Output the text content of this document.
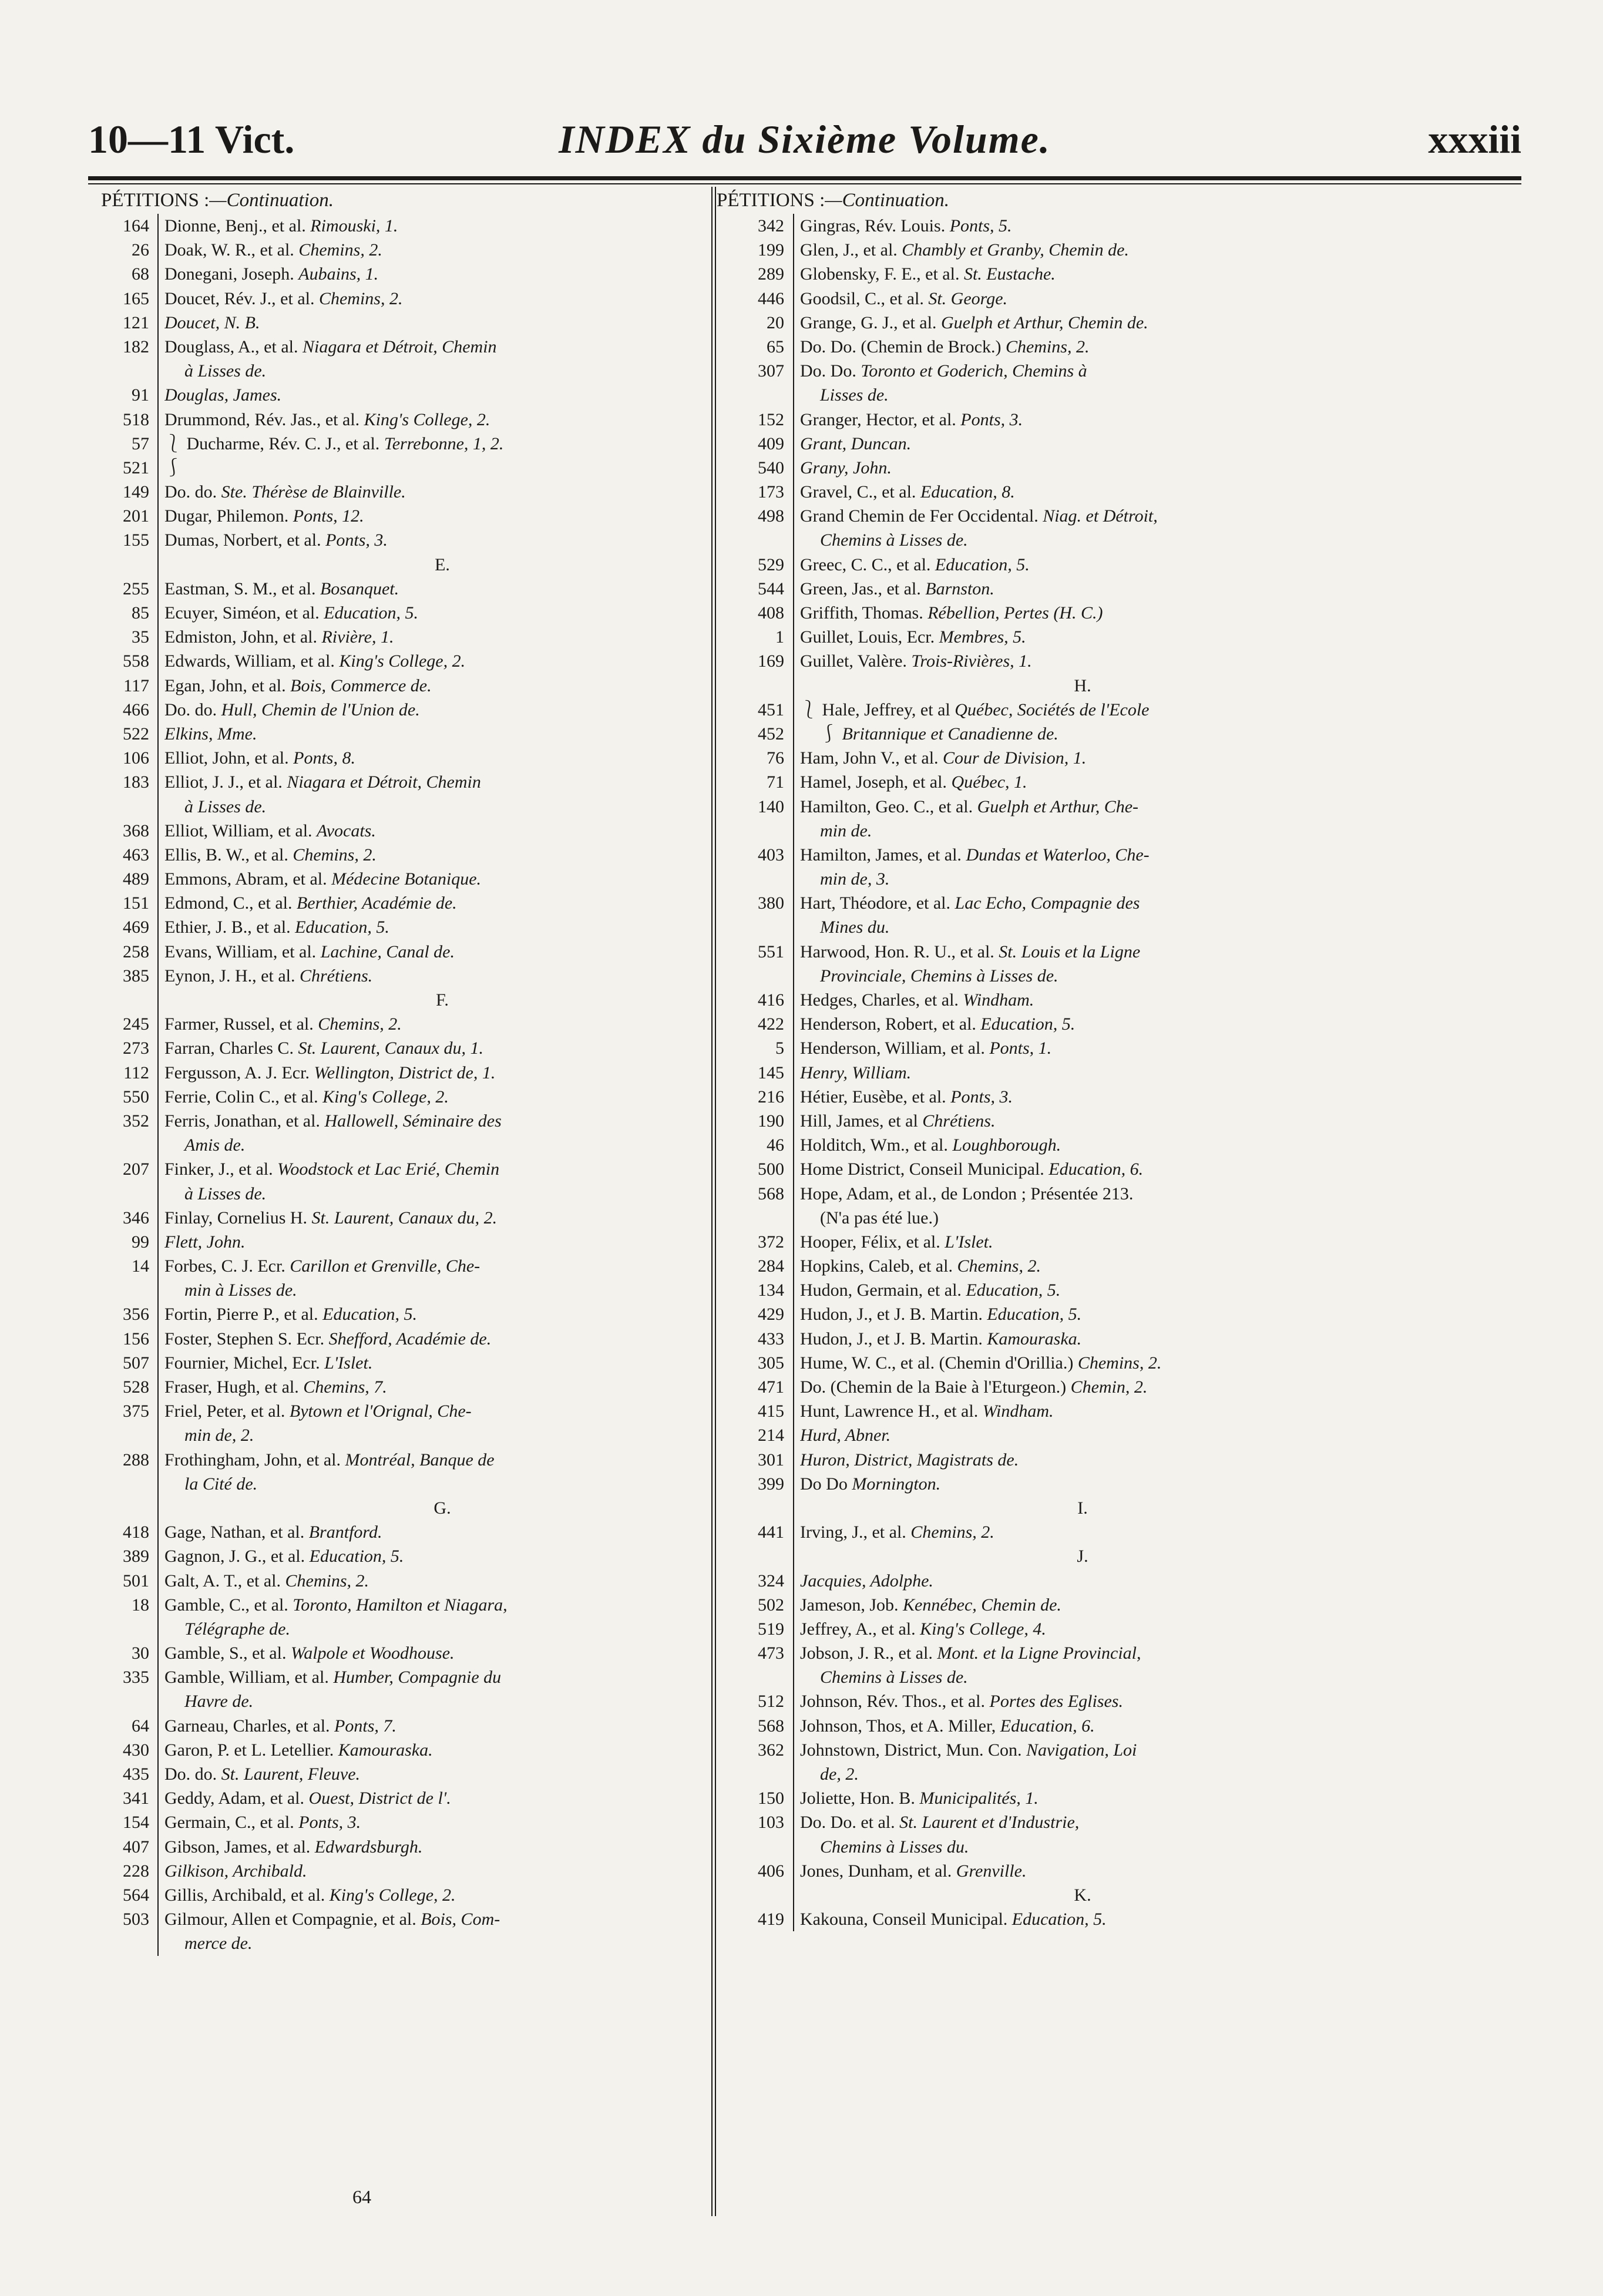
10—11 Vict.	INDEX du Sixième Volume.	xxxiii
PÉTITIONS :—Continuation.
164 Dionne, Benj., et al. Rimouski, 1.
26 Doak, W. R., et al. Chemins, 2.
68 Donegani, Joseph. Aubains, 1.
165 Doucet, Rév. J., et al. Chemins, 2.
121 Doucet, N. B.
182 Douglass, A., et al. Niagara et Détroit, Chemin
à Lisses de.
91 Douglas, James.
518 Drummond, Rév. Jas., et al. King's College, 2.
57 ⎱ Ducharme, Rév. C. J., et al. Terrebonne, 1, 2.
521 ⎰
149 Do. do. Ste. Thérèse de Blainville.
201 Dugar, Philemon. Ponts, 12.
155 Dumas, Norbert, et al. Ponts, 3.
E.
255 Eastman, S. M., et al. Bosanquet.
85 Ecuyer, Siméon, et al. Education, 5.
35 Edmiston, John, et al. Rivière, 1.
558 Edwards, William, et al. King's College, 2.
117 Egan, John, et al. Bois, Commerce de.
466 Do. do. Hull, Chemin de l'Union de.
522 Elkins, Mme.
106 Elliot, John, et al. Ponts, 8.
183 Elliot, J. J., et al. Niagara et Détroit, Chemin
à Lisses de.
368 Elliot, William, et al. Avocats.
463 Ellis, B. W., et al. Chemins, 2.
489 Emmons, Abram, et al. Médecine Botanique.
151 Edmond, C., et al. Berthier, Académie de.
469 Ethier, J. B., et al. Education, 5.
258 Evans, William, et al. Lachine, Canal de.
385 Eynon, J. H., et al. Chrétiens.
F.
245 Farmer, Russel, et al. Chemins, 2.
273 Farran, Charles C. St. Laurent, Canaux du, 1.
112 Fergusson, A. J. Ecr. Wellington, District de, 1.
550 Ferrie, Colin C., et al. King's College, 2.
352 Ferris, Jonathan, et al. Hallowell, Séminaire des
Amis de.
207 Finker, J., et al. Woodstock et Lac Erié, Chemin
à Lisses de.
346 Finlay, Cornelius H. St. Laurent, Canaux du, 2.
99 Flett, John.
14 Forbes, C. J. Ecr. Carillon et Grenville, Che-
min à Lisses de.
356 Fortin, Pierre P., et al. Education, 5.
156 Foster, Stephen S. Ecr. Shefford, Académie de.
507 Fournier, Michel, Ecr. L'Islet.
528 Fraser, Hugh, et al. Chemins, 7.
375 Friel, Peter, et al. Bytown et l'Orignal, Che-
min de, 2.
288 Frothingham, John, et al. Montréal, Banque de
la Cité de.
G.
418 Gage, Nathan, et al. Brantford.
389 Gagnon, J. G., et al. Education, 5.
501 Galt, A. T., et al. Chemins, 2.
18 Gamble, C., et al. Toronto, Hamilton et Niagara,
Télégraphe de.
30 Gamble, S., et al. Walpole et Woodhouse.
335 Gamble, William, et al. Humber, Compagnie du
Havre de.
64 Garneau, Charles, et al. Ponts, 7.
430 Garon, P. et L. Letellier. Kamouraska.
435 Do. do. St. Laurent, Fleuve.
341 Geddy, Adam, et al. Ouest, District de l'.
154 Germain, C., et al. Ponts, 3.
407 Gibson, James, et al. Edwardsburgh.
228 Gilkison, Archibald.
564 Gillis, Archibald, et al. King's College, 2.
503 Gilmour, Allen et Compagnie, et al. Bois, Com-
merce de.
PÉTITIONS :—Continuation.
342 Gingras, Rév. Louis. Ponts, 5.
199 Glen, J., et al. Chambly et Granby, Chemin de.
289 Globensky, F. E., et al. St. Eustache.
446 Goodsil, C., et al. St. George.
20 Grange, G. J., et al. Guelph et Arthur, Chemin de.
65 Do. Do. (Chemin de Brock.) Chemins, 2.
307 Do. Do. Toronto et Goderich, Chemins à
Lisses de.
152 Granger, Hector, et al. Ponts, 3.
409 Grant, Duncan.
540 Grany, John.
173 Gravel, C., et al. Education, 8.
498 Grand Chemin de Fer Occidental. Niag. et Détroit,
Chemins à Lisses de.
529 Greec, C. C., et al. Education, 5.
544 Green, Jas., et al. Barnston.
408 Griffith, Thomas. Rébellion, Pertes (H. C.)
1 Guillet, Louis, Ecr. Membres, 5.
169 Guillet, Valère. Trois-Rivières, 1.
H.
451 ⎱ Hale, Jeffrey, et al Québec, Sociétés de l'Ecole
452	⎰ Britannique et Canadienne de.
76 Ham, John V., et al. Cour de Division, 1.
71 Hamel, Joseph, et al. Québec, 1.
140 Hamilton, Geo. C., et al. Guelph et Arthur, Che-
min de.
403 Hamilton, James, et al. Dundas et Waterloo, Che-
min de, 3.
380 Hart, Théodore, et al. Lac Echo, Compagnie des
Mines du.
551 Harwood, Hon. R. U., et al. St. Louis et la Ligne
Provinciale, Chemins à Lisses de.
416 Hedges, Charles, et al. Windham.
422 Henderson, Robert, et al. Education, 5.
5 Henderson, William, et al. Ponts, 1.
145 Henry, William.
216 Hétier, Eusèbe, et al. Ponts, 3.
190 Hill, James, et al Chrétiens.
46 Holditch, Wm., et al. Loughborough.
500 Home District, Conseil Municipal. Education, 6.
568 Hope, Adam, et al., de London ; Présentée 213.
(N'a pas été lue.)
372 Hooper, Félix, et al. L'Islet.
284 Hopkins, Caleb, et al. Chemins, 2.
134 Hudon, Germain, et al. Education, 5.
429 Hudon, J., et J. B. Martin. Education, 5.
433 Hudon, J., et J. B. Martin. Kamouraska.
305 Hume, W. C., et al. (Chemin d'Orillia.) Chemins, 2.
471 Do. (Chemin de la Baie à l'Eturgeon.) Chemin, 2.
415 Hunt, Lawrence H., et al. Windham.
214 Hurd, Abner.
301 Huron, District, Magistrats de.
399 Do Do Mornington.
I.
441 Irving, J., et al. Chemins, 2.
J.
324 Jacquies, Adolphe.
502 Jameson, Job. Kennébec, Chemin de.
519 Jeffrey, A., et al. King's College, 4.
473 Jobson, J. R., et al. Mont. et la Ligne Provincial,
Chemins à Lisses de.
512 Johnson, Rév. Thos., et al. Portes des Eglises.
568 Johnson, Thos, et A. Miller, Education, 6.
362 Johnstown, District, Mun. Con. Navigation, Loi
de, 2.
150 Joliette, Hon. B. Municipalités, 1.
103 Do. Do. et al. St. Laurent et d'Industrie,
Chemins à Lisses du.
406 Jones, Dunham, et al. Grenville.
K.
419 Kakouna, Conseil Municipal. Education, 5.
64
